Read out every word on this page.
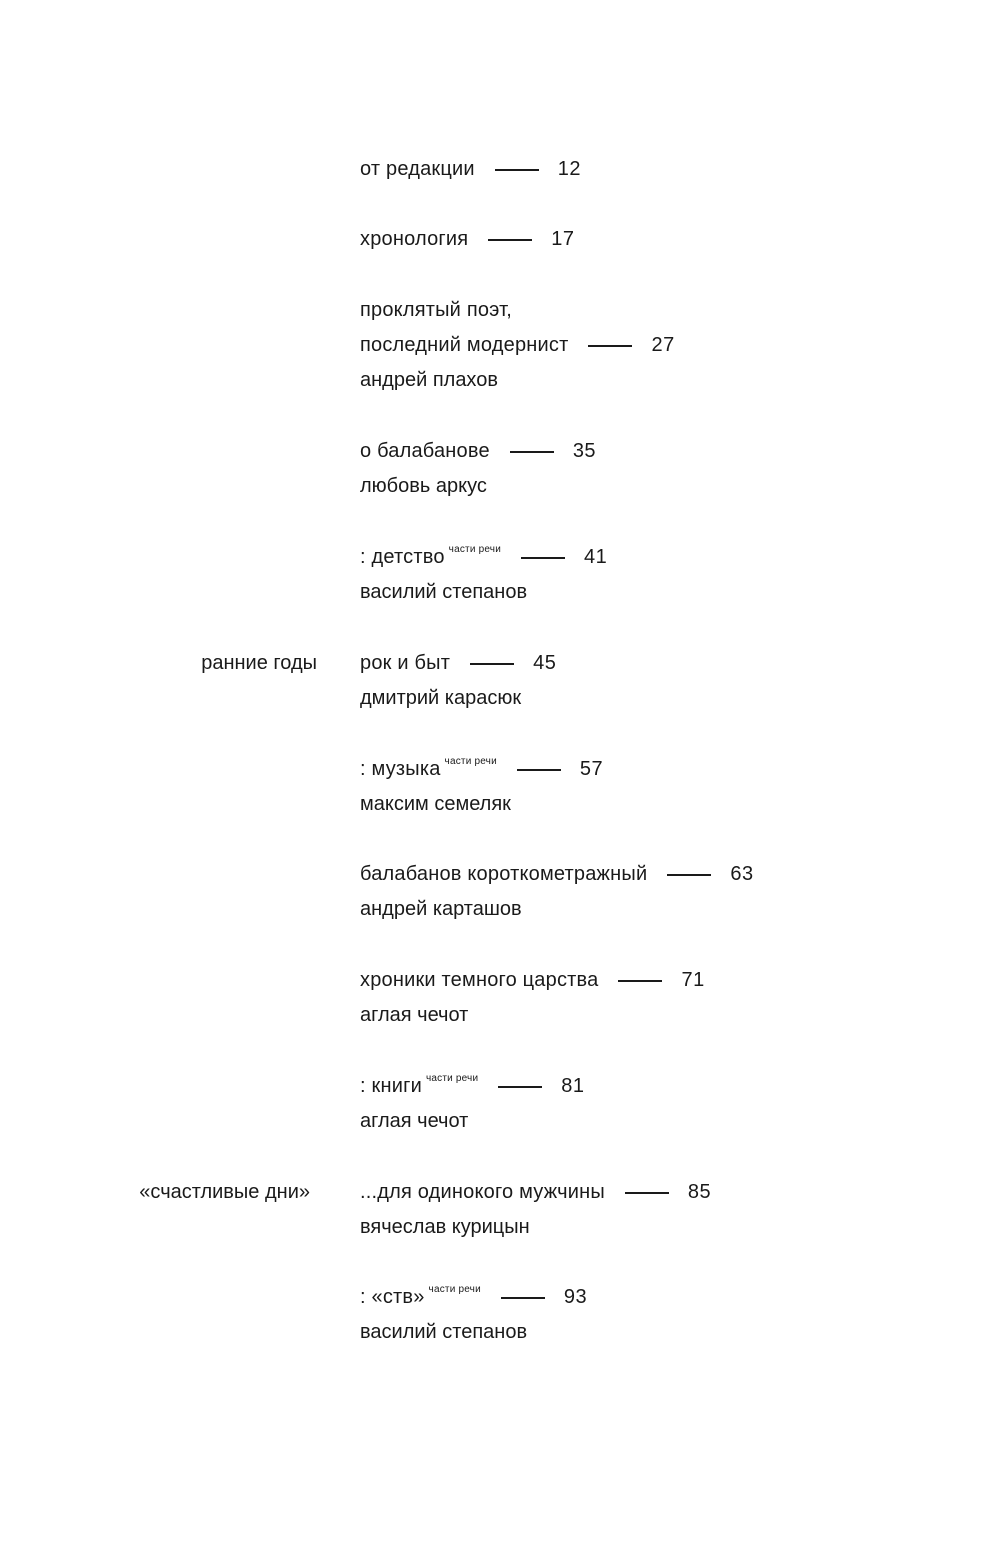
ранние годы
«счастливые дни»
от редакции	12
хронология	17
проклятый поэт,
последний модернист	27
андрей плахов
о балабанове	35
любовь аркус
: детство части речи	41
василий степанов
рок и быт	45
дмитрий карасюк
: музыка части речи	57
максим семеляк
балабанов короткометражный	63
андрей карташов
хроники темного царства	71
аглая чечот
: книги части речи	81
аглая чечот
...для одинокого мужчины	85
вячеслав курицын
: «ств» части речи	93
василий степанов
